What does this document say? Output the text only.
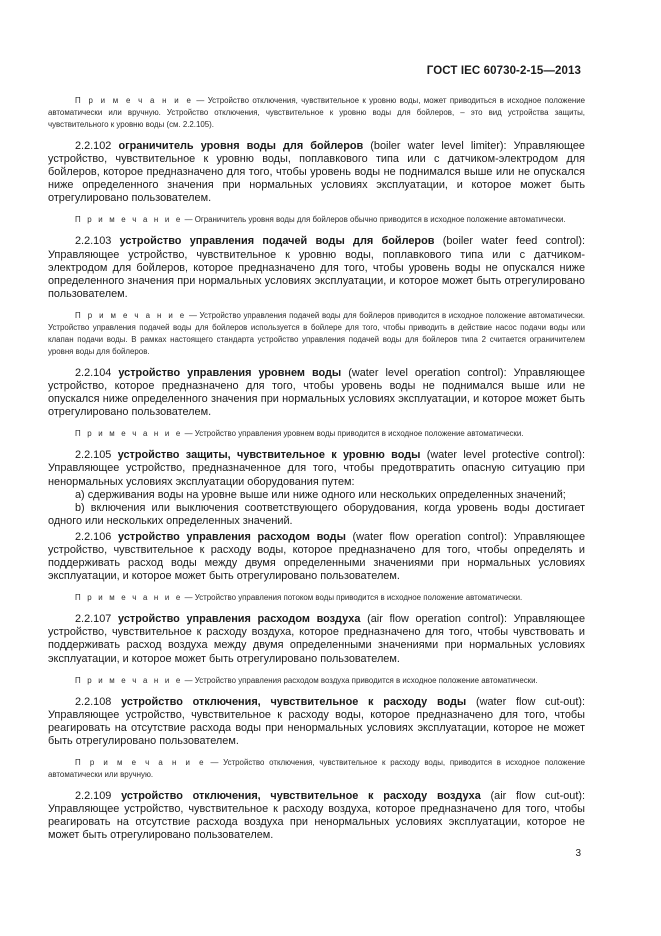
ГОСТ IEC 60730-2-15—2013

П р и м е ч а н и е — Устройство отключения, чувствительное к уровню воды, может приводиться в исходное положение автоматически или вручную. Устройство отключения, чувствительное к уровню воды для бойлеров, – это вид устройства защиты, чувствительного к уровню воды (см. 2.2.105).

2.2.102 ограничитель уровня воды для бойлеров (boiler water level limiter): Управляющее устройство, чувствительное к уровню воды, поплавкового типа или с датчиком-электродом для бойлеров, которое предназначено для того, чтобы уровень воды не поднимался выше или не опускался ниже определенного значения при нормальных условиях эксплуатации, и которое может быть отрегулировано пользователем.

П р и м е ч а н и е — Ограничитель уровня воды для бойлеров обычно приводится в исходное положение автоматически.

2.2.103 устройство управления подачей воды для бойлеров (boiler water feed control): Управляющее устройство, чувствительное к уровню воды, поплавкового типа или с датчиком-электродом для бойлеров, которое предназначено для того, чтобы уровень воды не опускался ниже определенного значения при нормальных условиях эксплуатации, и которое может быть отрегулировано пользователем.

П р и м е ч а н и е — Устройство управления подачей воды для бойлеров приводится в исходное положение автоматически. Устройство управления подачей воды для бойлеров используется в бойлере для того, чтобы приводить в действие насос подачи воды или клапан подачи воды. В рамках настоящего стандарта устройство управления подачей воды для бойлеров типа 2 считается ограничителем уровня воды для бойлеров.

2.2.104 устройство управления уровнем воды (water level operation control): Управляющее устройство, которое предназначено для того, чтобы уровень воды не поднимался выше или не опускался ниже определенного значения при нормальных условиях эксплуатации, и которое может быть отрегулировано пользователем.

П р и м е ч а н и е — Устройство управления уровнем воды приводится в исходное положение автоматически.

2.2.105 устройство защиты, чувствительное к уровню воды (water level protective control): Управляющее устройство, предназначенное для того, чтобы предотвратить опасную ситуацию при ненормальных условиях эксплуатации оборудования путем:

a) сдерживания воды на уровне выше или ниже одного или нескольких определенных значений;

b) включения или выключения соответствующего оборудования, когда уровень воды достигает одного или нескольких определенных значений.

2.2.106 устройство управления расходом воды (water flow operation control): Управляющее устройство, чувствительное к расходу воды, которое предназначено для того, чтобы определять и поддерживать расход воды между двумя определенными значениями при нормальных условиях эксплуатации, и которое может быть отрегулировано пользователем.

П р и м е ч а н и е — Устройство управления потоком воды приводится в исходное положение автоматически.

2.2.107 устройство управления расходом воздуха (air flow operation control): Управляющее устройство, чувствительное к расходу воздуха, которое предназначено для того, чтобы чувствовать и поддерживать расход воздуха между двумя определенными значениями при нормальных условиях эксплуатации, и которое может быть отрегулировано пользователем.

П р и м е ч а н и е — Устройство управления расходом воздуха приводится в исходное положение автоматически.

2.2.108 устройство отключения, чувствительное к расходу воды (water flow cut-out): Управляющее устройство, чувствительное к расходу воды, которое предназначено для того, чтобы реагировать на отсутствие расхода воды при ненормальных условиях эксплуатации, которое не может быть отрегулировано пользователем.

П р и м е ч а н и е — Устройство отключения, чувствительное к расходу воды, приводится в исходное положение автоматически или вручную.

2.2.109 устройство отключения, чувствительное к расходу воздуха (air flow cut-out): Управляющее устройство, чувствительное к расходу воздуха, которое предназначено для того, чтобы реагировать на отсутствие расхода воздуха при ненормальных условиях эксплуатации, которое не может быть отрегулировано пользователем.

3
